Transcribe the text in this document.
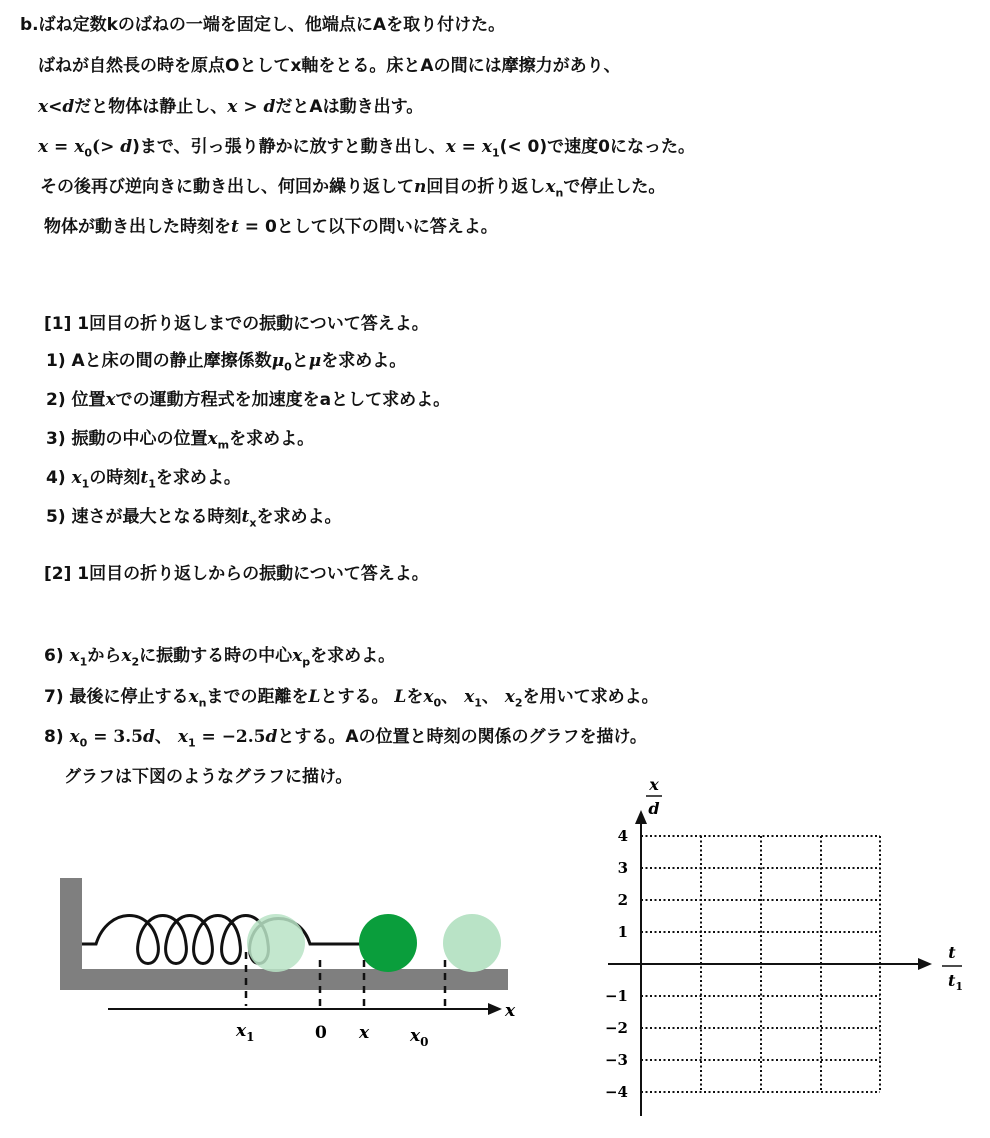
b.ばね定数kのばねの一端を固定し、他端点にAを取り付けた。
ばねが自然長の時を原点Oとしてx軸をとる。床とAの間には摩擦力があり、
x<dだと物体は静止し、x > dだとAは動き出す。
$x = x_0(> d)$まで、引っ張り静かに放すと動き出し、$x = x_1(< 0)$で速度0になった。
その後再び逆向きに動き出し、何回か繰り返してn回目の折り返し$x_n$で停止した。
物体が動き出した時刻をt = 0として以下の問いに答えよ。
[1] 1回目の折り返しまでの振動について答えよ。
1) Aと床の間の静止摩擦係数$\mu_0$とμを求めよ。
2) 位置xでの運動方程式を加速度をaとして求めよ。
3) 振動の中心の位置$x_m$を求めよ。
4) $x_1$の時刻$t_1$を求めよ。
5) 速さが最大となる時刻$t_x$を求めよ。
[2] 1回目の折り返しからの振動について答えよ。
6) $x_1$から$x_2$に振動する時の中心$x_p$を求めよ。
7) 最後に停止する$x_n$までの距離をLとする。 Lを$x_0$、 $x_1$、 $x_2$を用いて求めよ。
8) $x_0 = 3.5d$、 $x_1 = -2.5d$とする。Aの位置と時刻の関係のグラフを描け。
グラフは下図のようなグラフに描け。
x
$x_1$	0 x $x_0$
4
3
2
1
−1
−2
−3
−4
x
d
t
$t_1$
